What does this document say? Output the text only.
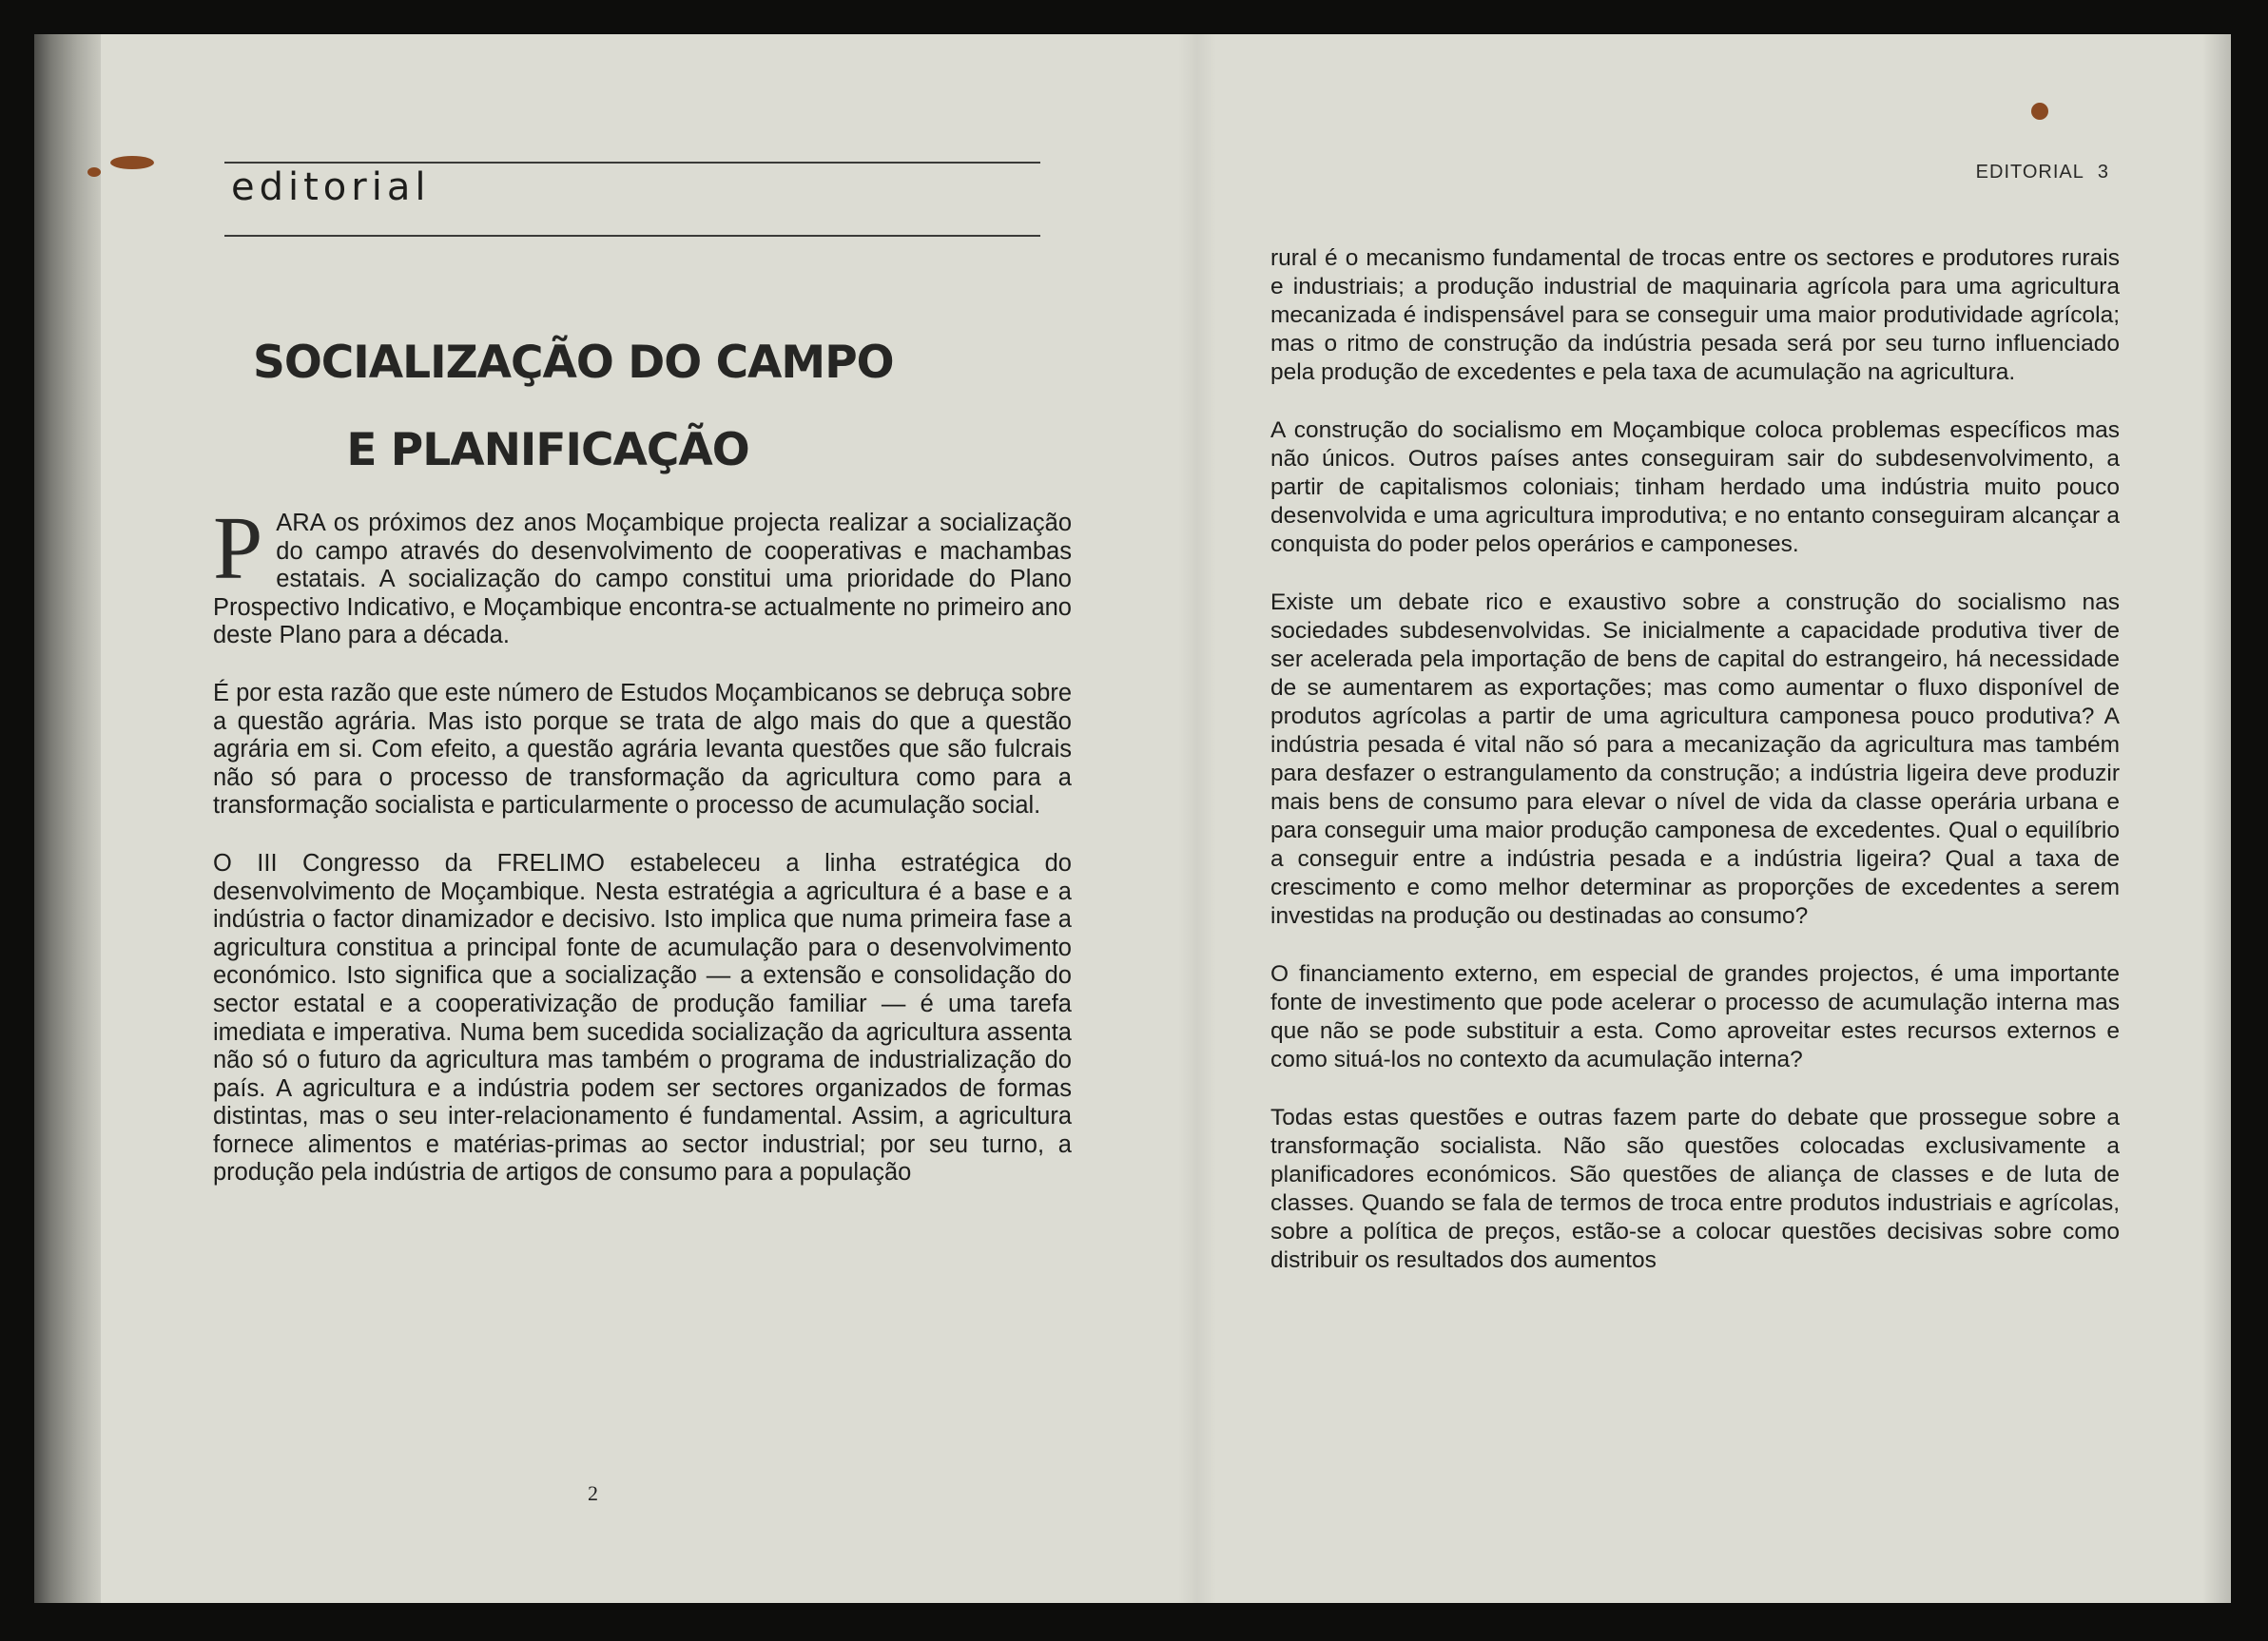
editorial	EDITORIAL 3
SOCIALIZAÇÃO DO CAMPO
E PLANIFICAÇÃO

PARA os próximos dez anos Moçambique projecta realizar a socialização do campo através do desenvolvimento de cooperativas e machambas estatais. A socialização do campo constitui uma prioridade do Plano Prospectivo Indicativo, e Moçambique encontra-se actualmente no primeiro ano deste Plano para a década.

É por esta razão que este número de Estudos Moçambicanos se debruça sobre a questão agrária. Mas isto porque se trata de algo mais do que a questão agrária em si. Com efeito, a questão agrária levanta questões que são fulcrais não só para o processo de transformação da agricultura como para a transformação socialista e particularmente o processo de acumulação social.

O III Congresso da FRELIMO estabeleceu a linha estratégica do desenvolvimento de Moçambique. Nesta estratégia a agricultura é a base e a indústria o factor dinamizador e decisivo. Isto implica que numa primeira fase a agricultura constitua a principal fonte de acumulação para o desenvolvimento económico. Isto significa que a socialização — a extensão e consolidação do sector estatal e a cooperativização de produção familiar — é uma tarefa imediata e imperativa. Numa bem sucedida socialização da agricultura assenta não só o futuro da agricultura mas também o programa de industrialização do país. A agricultura e a indústria podem ser sectores organizados de formas distintas, mas o seu inter-relacionamento é fundamental. Assim, a agricultura fornece alimentos e matérias-primas ao sector industrial; por seu turno, a produção pela indústria de artigos de consumo para a população

2

rural é o mecanismo fundamental de trocas entre os sectores e produtores rurais e industriais; a produção industrial de maquinaria agrícola para uma agricultura mecanizada é indispensável para se conseguir uma maior produtividade agrícola; mas o ritmo de construção da indústria pesada será por seu turno influenciado pela produção de excedentes e pela taxa de acumulação na agricultura.

A construção do socialismo em Moçambique coloca problemas específicos mas não únicos. Outros países antes conseguiram sair do subdesenvolvimento, a partir de capitalismos coloniais; tinham herdado uma indústria muito pouco desenvolvida e uma agricultura improdutiva; e no entanto conseguiram alcançar a conquista do poder pelos operários e camponeses.

Existe um debate rico e exaustivo sobre a construção do socialismo nas sociedades subdesenvolvidas. Se inicialmente a capacidade produtiva tiver de ser acelerada pela importação de bens de capital do estrangeiro, há necessidade de se aumentarem as exportações; mas como aumentar o fluxo disponível de produtos agrícolas a partir de uma agricultura camponesa pouco produtiva? A indústria pesada é vital não só para a mecanização da agricultura mas também para desfazer o estrangulamento da construção; a indústria ligeira deve produzir mais bens de consumo para elevar o nível de vida da classe operária urbana e para conseguir uma maior produção camponesa de excedentes. Qual o equilíbrio a conseguir entre a indústria pesada e a indústria ligeira? Qual a taxa de crescimento e como melhor determinar as proporções de excedentes a serem investidas na produção ou destinadas ao consumo?

O financiamento externo, em especial de grandes projectos, é uma importante fonte de investimento que pode acelerar o processo de acumulação interna mas que não se pode substituir a esta. Como aproveitar estes recursos externos e como situá-los no contexto da acumulação interna?

Todas estas questões e outras fazem parte do debate que prossegue sobre a transformação socialista. Não são questões colocadas exclusivamente a planificadores económicos. São questões de aliança de classes e de luta de classes. Quando se fala de termos de troca entre produtos industriais e agrícolas, sobre a política de preços, estão-se a colocar questões decisivas sobre como distribuir os resultados dos aumentos
